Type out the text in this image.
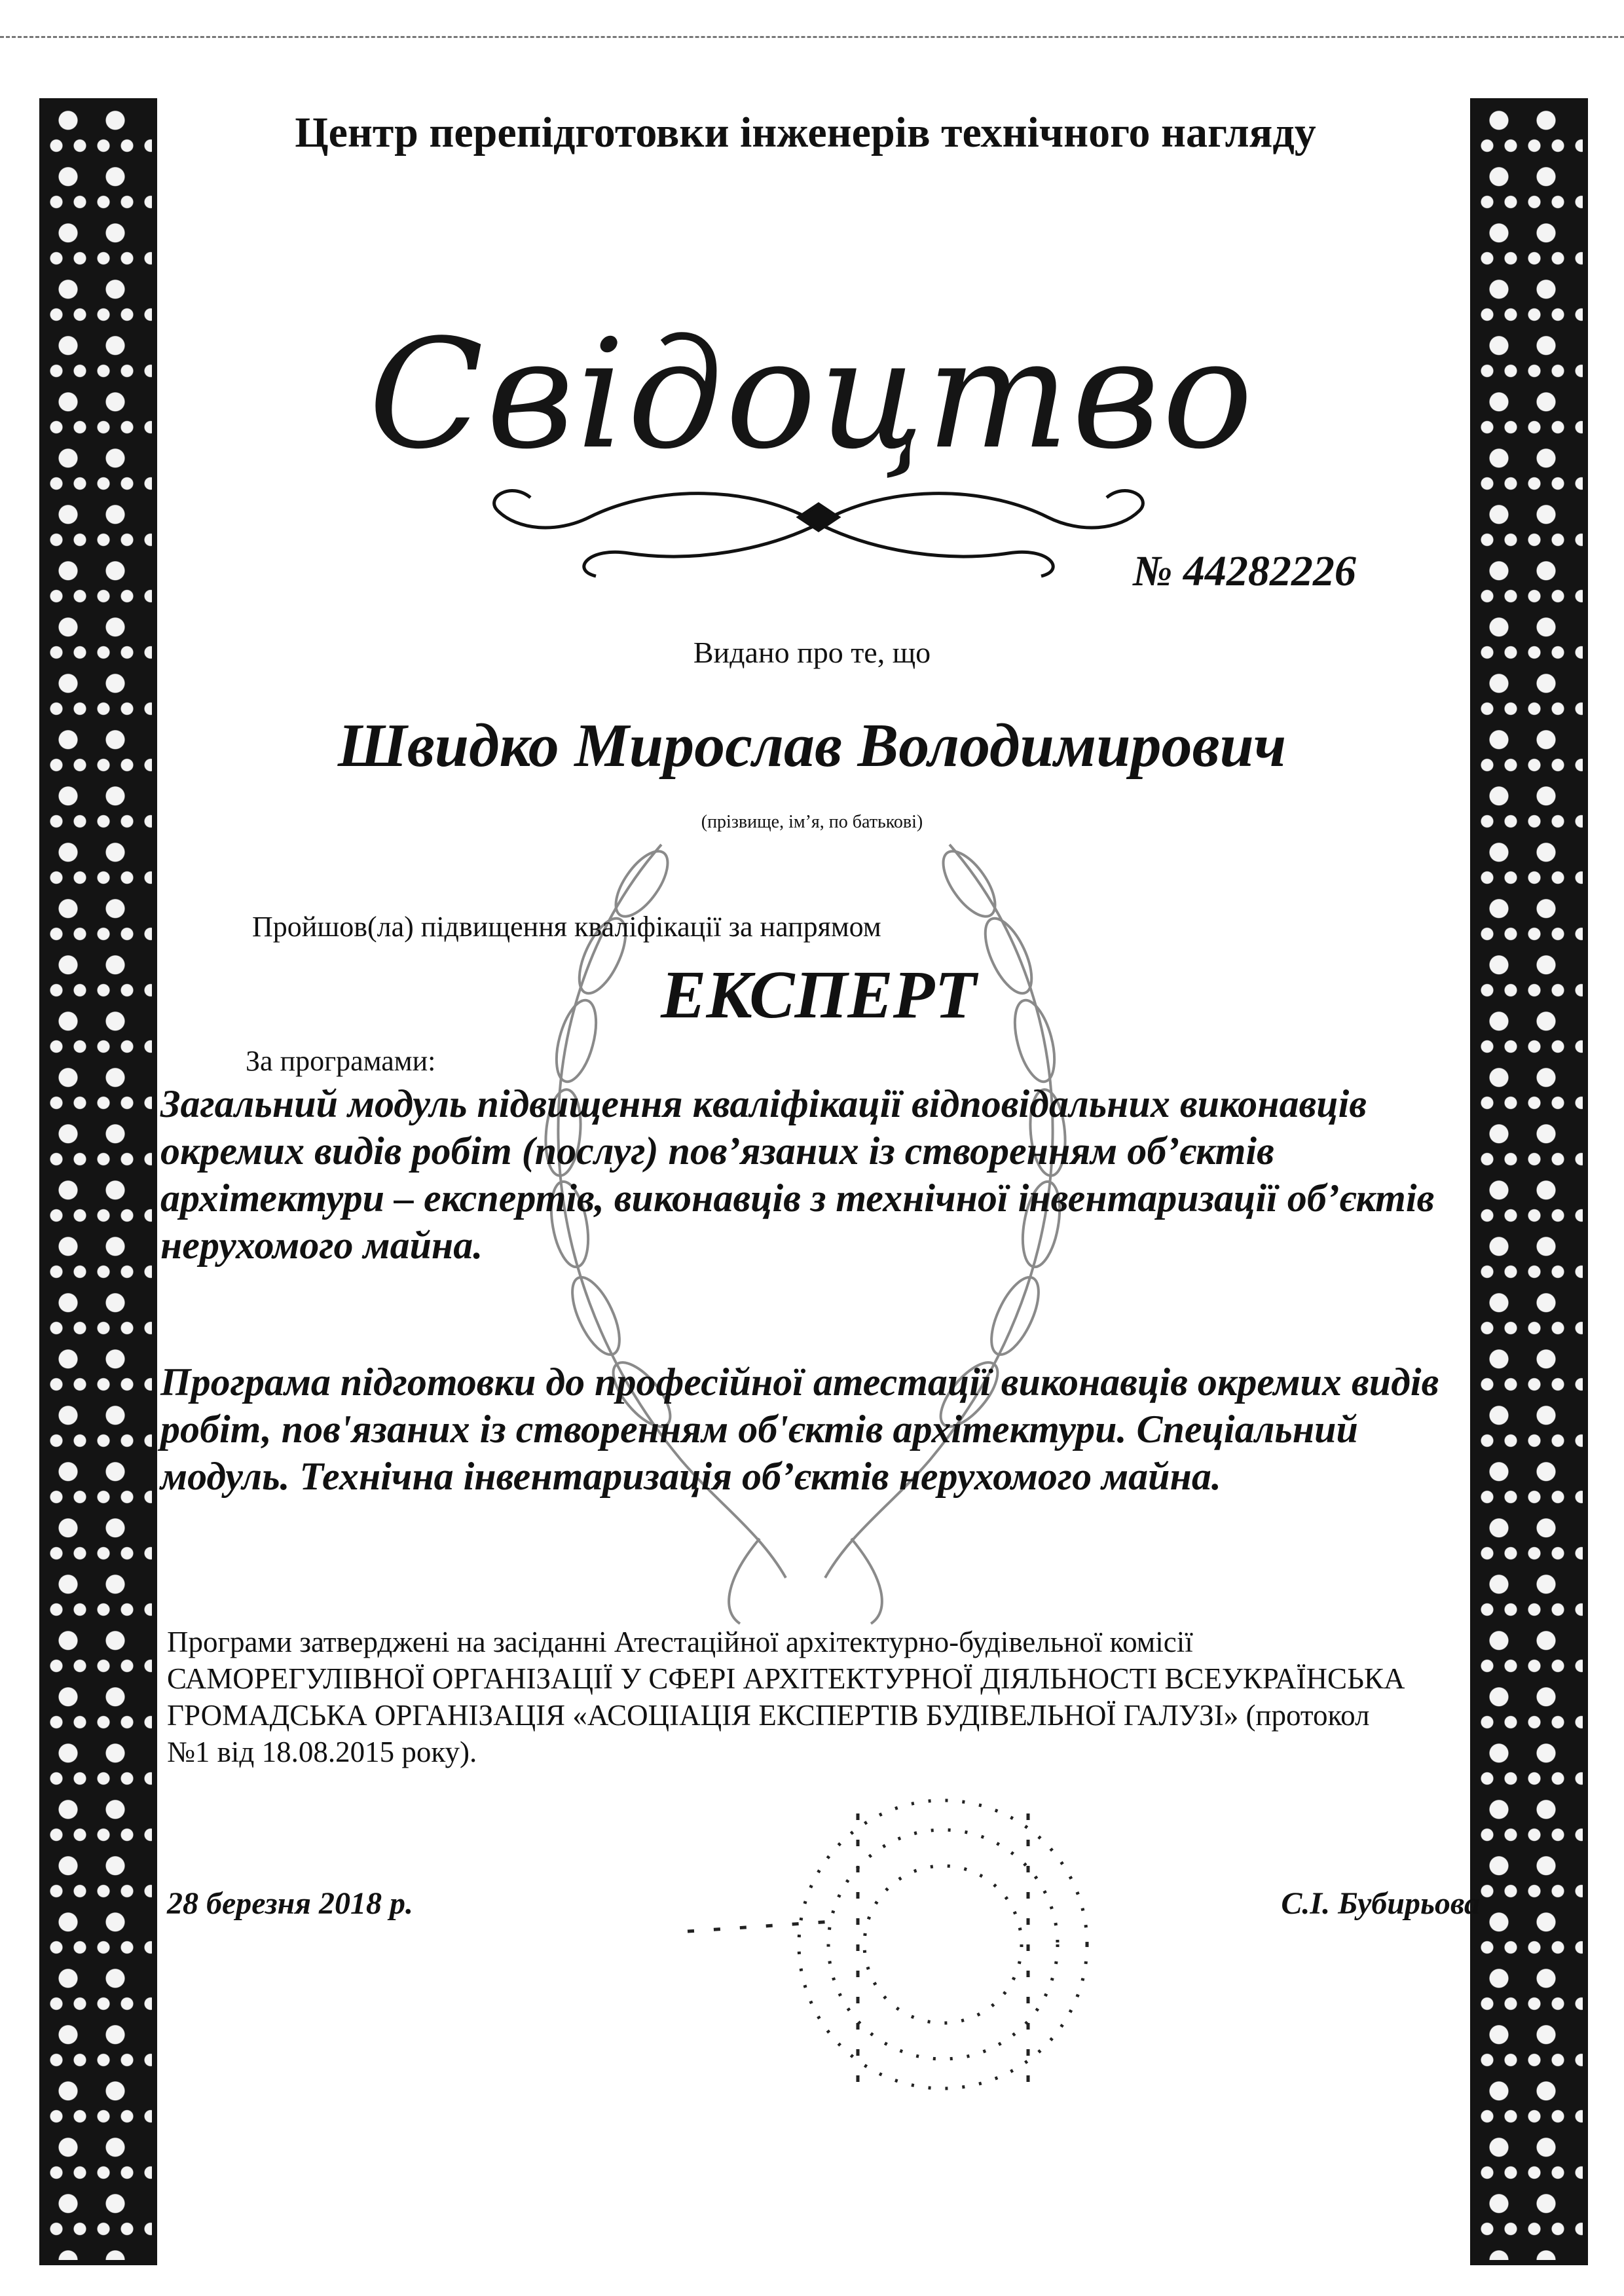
Центр перепідготовки інженерів технічного нагляду
Свідоцтво
№ 44282226
Видано про те, що
Швидко Мирослав Володимирович
(прізвище, ім’я, по батькові)
Пройшов(ла) підвищення кваліфікації за напрямом
ЕКСПЕРТ
За програмами:
Загальний модуль підвищення кваліфікації відповідальних виконавців окремих видів робіт (послуг) пов’язаних із створенням об’єктів архітектури – експертів, виконавців з технічної інвентаризації об’єктів нерухомого майна.
Програма підготовки до професійної атестації виконавців окремих видів робіт, пов'язаних із створенням об'єктів архітектури. Спеціальний модуль. Технічна інвентаризація об’єктів нерухомого майна.
Програми затверджені на засіданні Атестаційної архітектурно-будівельної комісії САМОРЕГУЛІВНОЇ ОРГАНІЗАЦІЇ У СФЕРІ АРХІТЕКТУРНОЇ ДІЯЛЬНОСТІ ВСЕУКРАЇНСЬКА ГРОМАДСЬКА ОРГАНІЗАЦІЯ «АСОЦІАЦІЯ ЕКСПЕРТІВ БУДІВЕЛЬНОЇ ГАЛУЗІ» (протокол №1 від 18.08.2015 року).
28 березня 2018 р.	С.І. Бубирьова
